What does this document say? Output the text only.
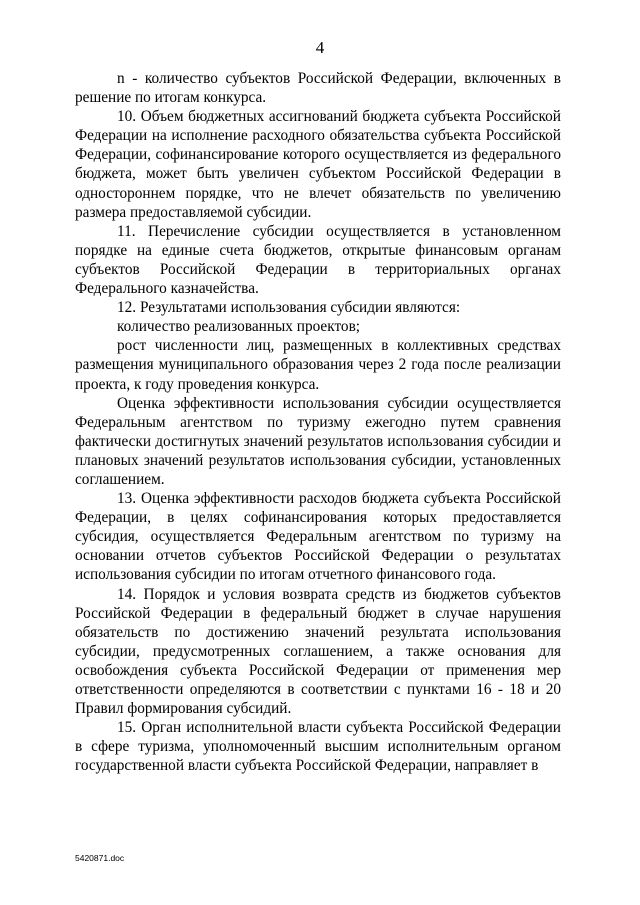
4

n - количество субъектов Российской Федерации, включенных в решение по итогам конкурса.

10. Объем бюджетных ассигнований бюджета субъекта Российской Федерации на исполнение расходного обязательства субъекта Российской Федерации, софинансирование которого осуществляется из федерального бюджета, может быть увеличен субъектом Российской Федерации в одностороннем порядке, что не влечет обязательств по увеличению размера предоставляемой субсидии.

11. Перечисление субсидии осуществляется в установленном порядке на единые счета бюджетов, открытые финансовым органам субъектов Российской Федерации в территориальных органах Федерального казначейства.

12. Результатами использования субсидии являются:

количество реализованных проектов;

рост численности лиц, размещенных в коллективных средствах размещения муниципального образования через 2 года после реализации проекта, к году проведения конкурса.

Оценка эффективности использования субсидии осуществляется Федеральным агентством по туризму ежегодно путем сравнения фактически достигнутых значений результатов использования субсидии и плановых значений результатов использования субсидии, установленных соглашением.

13. Оценка эффективности расходов бюджета субъекта Российской Федерации, в целях софинансирования которых предоставляется субсидия, осуществляется Федеральным агентством по туризму на основании отчетов субъектов Российской Федерации о результатах использования субсидии по итогам отчетного финансового года.

14. Порядок и условия возврата средств из бюджетов субъектов Российской Федерации в федеральный бюджет в случае нарушения обязательств по достижению значений результата использования субсидии, предусмотренных соглашением, а также основания для освобождения субъекта Российской Федерации от применения мер ответственности определяются в соответствии с пунктами 16 - 18 и 20 Правил формирования субсидий.

15. Орган исполнительной власти субъекта Российской Федерации в сфере туризма, уполномоченный высшим исполнительным органом государственной власти субъекта Российской Федерации, направляет в

5420871.doc
